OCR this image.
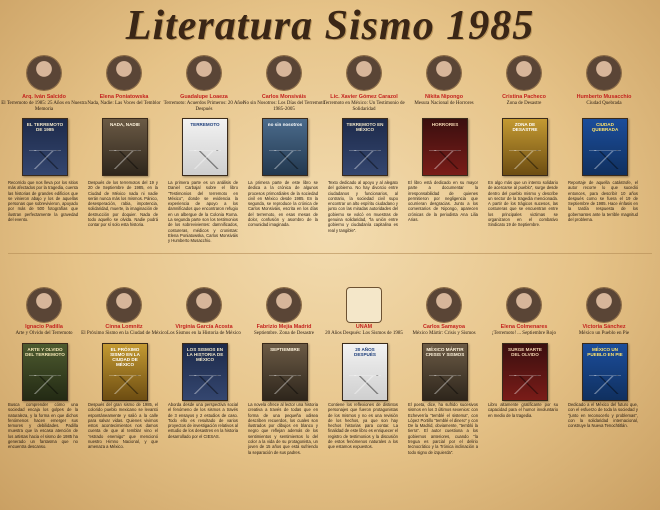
Literatura Sismo 1985
Arq. Iván Salcido
El Terremoto de 1985: 25 Años en Nuestra Memoria
EL TERREMOTO DE 1985
Recorrido que nos lleva por los sitios más afectados por la tragedia, cuenta las historias de grandes edificios que se vinieron abajo y los de aquellas personas que sobrevivieron, apoyado por más de 500 fotografías que ilustran perfectamente la gravedad del evento.
Elena Poniatowska
Nada, Nadie: Las Voces del Temblor
NADA, NADIE
Después de los terremotos del 19 y 20 de Septiembre de 1985, en la Ciudad de México nada ni nadie serán nunca más los mismos. Pánico, desesperación, rabia, impotencia, solidaridad, muerte, la imaginación de destrucción por doquier. Nada de todo aquello se olvida. Nadie podrá contar por sí solo esta historia.
Guadalupe Loaeza
Terremoto: Acuerdos Primeros: 20 Años Después
TERREMOTO
La primera parte es un análisis de Daniel Carbajal sobre el libro "Testimonios del terremoto en México", donde se evidencia la experiencia de apoyo a los damnificados que encontraron refugio en un albergue de la Colonia Roma. La segunda parte son los testimonios de los sobrevivientes: damnificados, costureras, médicos y cronistas: Elena Poniatowska, Carlos Monsiváis y Humberto Musacchio.
Carlos Monsiváis
No sin Nosotros: Los Días del Terremoto 1985-2005
no sin nosotros
La primera parte de este libro se dedica a la crónica de algunos procesos primordiales de la sociedad civil en México desde 1985. En la segunda, se reproduce la crónica de Carlos Monsiváis, escrita en los días del terremoto, en esas mesas de dolor, confusión y asombro de la comunidad imaginada.
Lic. Xavier Gómez Carazol
Terremoto en México: Un Testimonio de Solidaridad
TERREMOTO EN MÉXICO
Texto dedicado al apoyo y al alegato del gobierno. No hay divorcio entre ciudadanos y funcionarios, al contrario, la sociedad civil supo encontrar un alto espíritu ciudadano y junto con las miradas autoridades del gobierno se volcó en muestras de genuina solidaridad, "la unión entre gobierno y ciudadanía capitalina es real y tangible".
Nikita Nipongo
Mesura Nacional de Horrores
HORRORES
El libro está dedicado en su mayor parte a documentar la irresponsabilidad de quienes permitieron por negligencia que ocurrieran desgracias. Junto a los comentarios de Nipongo, aparecen crónicas de la periodista Ana Lilia Arias.
Cristina Pacheco
Zona de Desastre
ZONA DE DESASTRE
En algo más que un intento solidario de acercarse al pueblo", surge desde dentro del pueblo mismo y describe un sector de la tragedia mencionada. A partir de los trágicos sucesos, las costureras que se encuentran entre los principales victimas se organizaron en el combativo Sindicato 19 de Septiembre.
Humberto Musacchio
Ciudad Quebrada
CIUDAD QUEBRADA
Reportaje de aquella catástrofe, el autor recorre lo que sucedió entonces, para describir 10 años después como se fuera el 19 de Septiembre de 1985. Hace énfasis en la tardía respuesta de los gobernantes ante la terrible magnitud del problema.
Ignacio Padilla
Arte y Olvido del Terremoto
ARTE Y OLVIDO DEL TERREMOTO
Busca comprender cómo una sociedad encaja los golpes de la naturaleza, y la forma en que dichos fenómenos hacen emerger sus temores y debilidades. Padilla muestra que la escasa atención de los artistas hacia el sismo de 1985 ha generado un fantasma que no encuentra descanso.
Cinna Lomnitz
El Próximo Sismo en la Ciudad de México
EL PRÓXIMO SISMO EN LA CIUDAD DE MÉXICO
Después del gran sismo de 1985, el colorido pueblo mexicano se levantó espontáneamente y salió a la calle para salvar vidas. Quienes vivimos estos acontecimientos nos damos cuenta de que al temblar vino el "estrado enemigo" que mencionó nuestro Himno Nacional, y que amenaza a México.
Virginia García Acosta
Los Sismos en la Historia de México
LOS SISMOS EN LA HISTORIA DE MÉXICO
Aborda desde una perspectiva social el fenómeno de los sismos a través de 3 ensayos y 2 estudios de caso. Todo ello es resultado de varios proyectos de investigación relativos al estudio de los desastres en la historia desarrollado por el CIESAS.
Fabrizio Mejía Madrid
Septiembre. Zona de Desastre
SEPTIEMBRE
La novela ofrece al lector una historia creativa a través de todas que en forma de una pequeña odisea describen recuerdos, los cuales son ilustrados por dibujos en blanco y negro que reflejan además de los sentimientos y sentimientos lo del color a la vida de su protagonista, un joven de 15 años que está sufriendo la separación de sus padres.
UNAM
20 Años Después: Los Sismos de 1985
20 AÑOS DESPUÉS
Contiene los reflexiones de distintos personajes que fueron protagonistas de los mismos y no es una revisión de los hechos, ya que son hay hechos historias para contar. La finalidad de este libro es enriquecer el registro de testimonios y la discusión de estos fenómenos naturales a los que estamos expuestos.
Carlos Samayoa
México Mártir: Crisis y Sismos
MÉXICO MÁRTIR CRISIS Y SISMOS
El poeta, dice, ha sufrido sucesivos sismos en los 3 últimos sexenios: con Echeverría "temblé el sistema", con López Portillo "temblé el dinero" y con De la Madrid, obviamente, "tembló la tierra". El autor cuestiona a los gobiernos anteriores, cuando "la tregua es parcial por el delirio tecnocrático y la Trónica inclinación a todo signo de izquierda".
Elena Colmenares
¡Terremoto! ... Septiembre Rojo
SURGE MARTE DEL OLVIDO
Libro altamente gratificante por su capacidad para el humor involuntario en medio de la tragedia.
Victoria Sánchez
México un Pueblo en Pie
MÉXICO UN PUEBLO EN PIE
Dedicado a el México del futuro que, con el esfuerzo de toda la sociedad y "junto en reconocerlo y problemas", con la solidaridad internacional, construye la Nueva Tenochtitlán.
